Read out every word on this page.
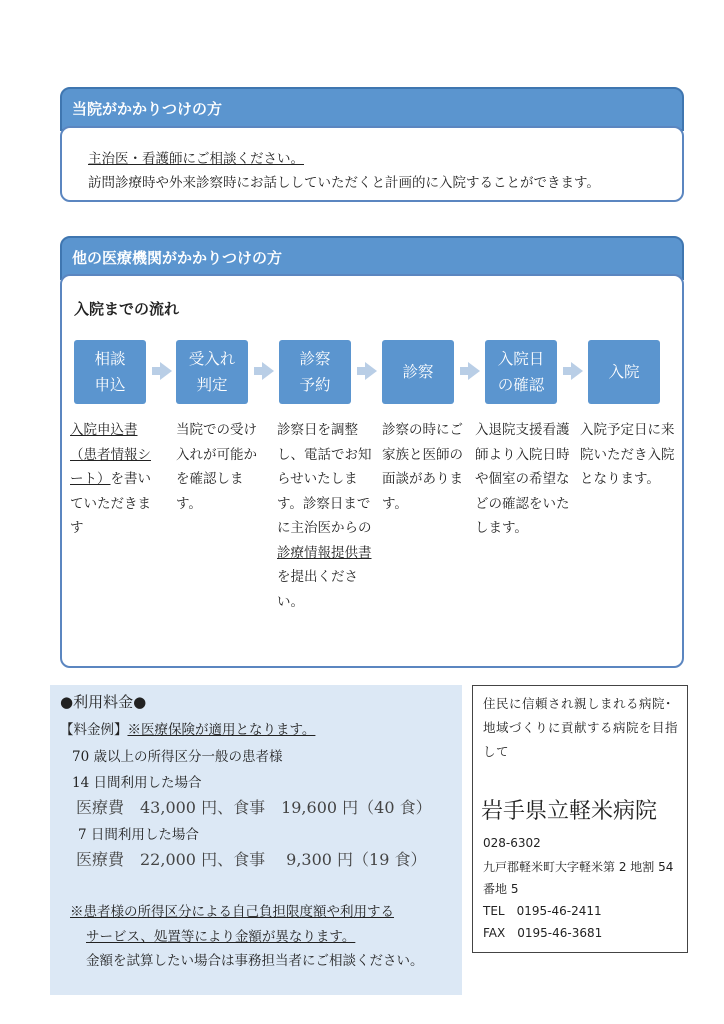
当院がかかりつけの方
主治医・看護師にご相談ください。
訪問診療時や外来診察時にお話ししていただくと計画的に入院することができます。
他の医療機関がかかりつけの方
入院までの流れ
相談
申込
受入れ
判定
診察
予約
診察
入院日
の確認
入院
入院申込書（患者情報シート）を書いていただきます
当院での受け入れが可能かを確認します。
診察日を調整し、電話でお知らせいたします。診察日までに主治医からの診療情報提供書を提出ください。
診察の時にご家族と医師の面談があります。
入退院支援看護師より入院日時や個室の希望などの確認をいたします。
入院予定日に来院いただき入院となります。
●利用料金●
【料金例】※医療保険が適用となります。
70 歳以上の所得区分一般の患者様
14 日間利用した場合
医療費　43,000 円、食事　19,600 円（40 食）
7 日間利用した場合
医療費　22,000 円、食事　 9,300 円（19 食）
※患者様の所得区分による自己負担限度額や利用する
サービス、処置等により金額が異なります。
金額を試算したい場合は事務担当者にご相談ください。
住民に信頼され親しまれる病院･地域づくりに貢献する病院を目指して
岩手県立軽米病院
028-6302
九戸郡軽米町大字軽米第 2 地割 54 番地 5
TEL　0195-46-2411
FAX　0195-46-3681
